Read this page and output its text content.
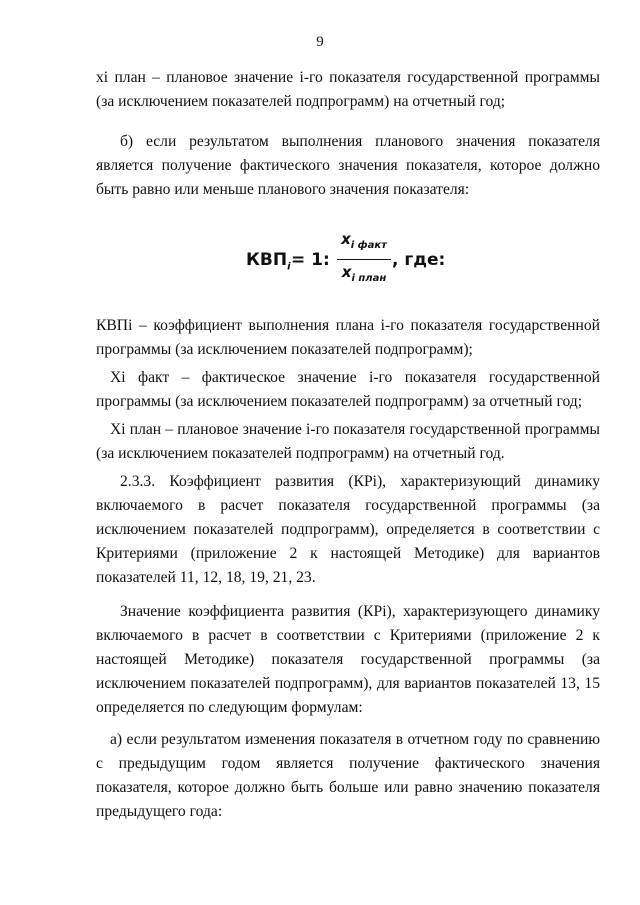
9

xi план – плановое значение i-го показателя государственной программы (за исключением показателей подпрограмм) на отчетный год;

б) если результатом выполнения планового значения показателя является получение фактического значения показателя, которое должно быть равно или меньше планового значения показателя:

$КВП_i = 1$:
$x_{i факт}$
$x_{i план}$
, где:

КВПi – коэффициент выполнения плана i-го показателя государственной программы (за исключением показателей подпрограмм);

Xi факт – фактическое значение i-го показателя государственной программы (за исключением показателей подпрограмм) за отчетный год;

Xi план – плановое значение i-го показателя государственной программы (за исключением показателей подпрограмм) на отчетный год.

2.3.3. Коэффициент развития (КРi), характеризующий динамику включаемого в расчет показателя государственной программы (за исключением показателей подпрограмм), определяется в соответствии с Критериями (приложение 2 к настоящей Методике) для вариантов показателей 11, 12, 18, 19, 21, 23.

Значение коэффициента развития (КРi), характеризующего динамику включаемого в расчет в соответствии с Критериями (приложение 2 к настоящей Методике) показателя государственной программы (за исключением показателей подпрограмм), для вариантов показателей 13, 15 определяется по следующим формулам:

а) если результатом изменения показателя в отчетном году по сравнению с предыдущим годом является получение фактического значения показателя, которое должно быть больше или равно значению показателя предыдущего года:
